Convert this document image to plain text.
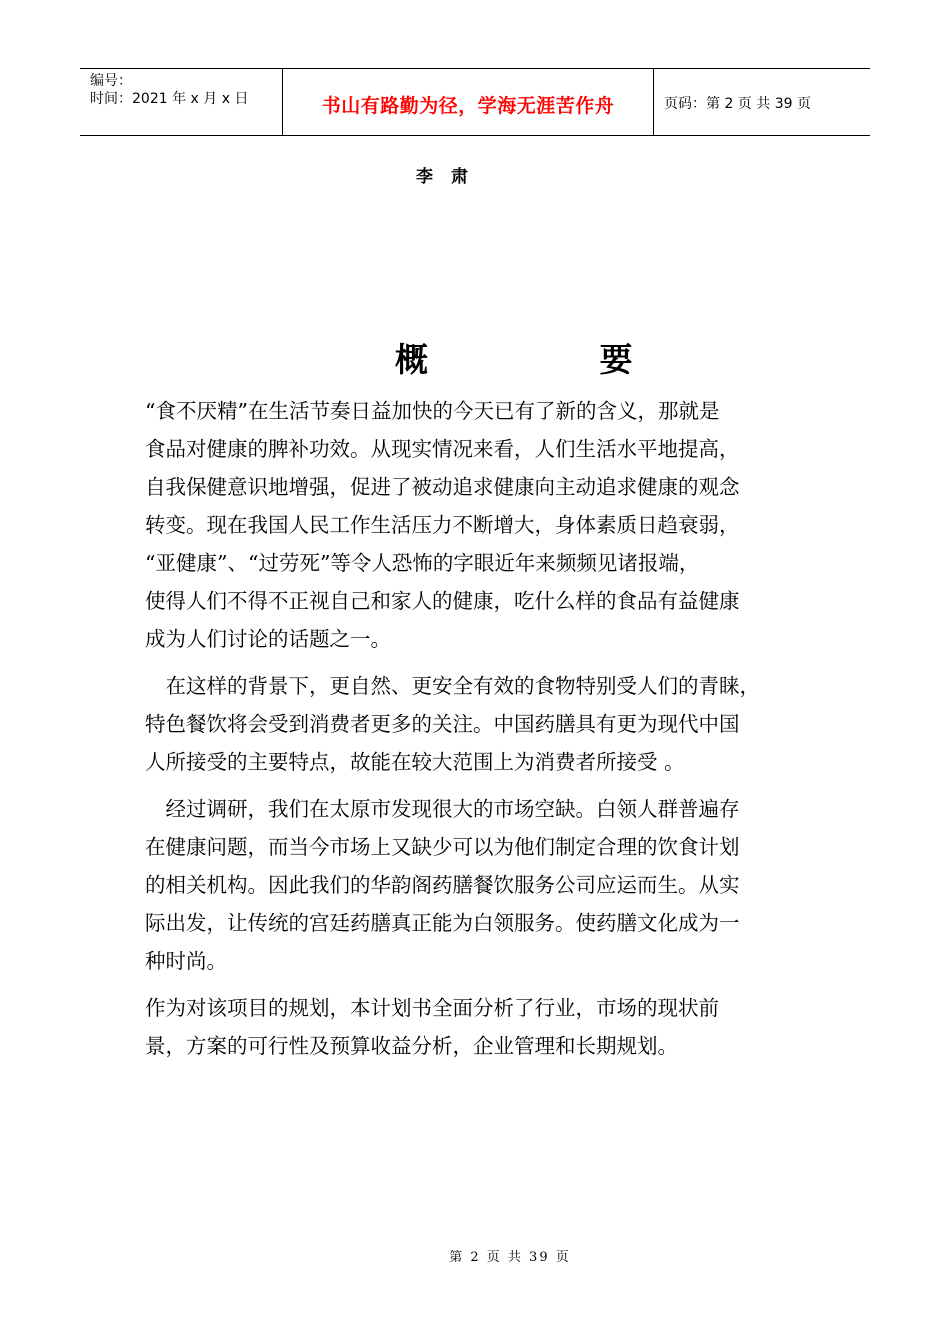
编号：
时间：2021 年 x 月 x 日	书山有路勤为径，学海无涯苦作舟	页码：第 2 页 共 39 页
李 肃
概 要
“食不厌精”在生活节奏日益加快的今天已有了新的含义，那就是
食品对健康的脾补功效。从现实情况来看，人们生活水平地提高，
自我保健意识地增强，促进了被动追求健康向主动追求健康的观念
转变。现在我国人民工作生活压力不断增大，身体素质日趋衰弱，
“亚健康”、“过劳死”等令人恐怖的字眼近年来频频见诸报端，
使得人们不得不正视自己和家人的健康，吃什么样的食品有益健康
成为人们讨论的话题之一。
　在这样的背景下，更自然、更安全有效的食物特别受人们的青睐，
特色餐饮将会受到消费者更多的关注。中国药膳具有更为现代中国
人所接受的主要特点，故能在较大范围上为消费者所接受 。
　经过调研，我们在太原市发现很大的市场空缺。白领人群普遍存
在健康问题，而当今市场上又缺少可以为他们制定合理的饮食计划
的相关机构。因此我们的华韵阁药膳餐饮服务公司应运而生。从实
际出发，让传统的宫廷药膳真正能为白领服务。使药膳文化成为一
种时尚。
作为对该项目的规划，本计划书全面分析了行业，市场的现状前
景，方案的可行性及预算收益分析，企业管理和长期规划。
第 2 页 共 39 页
